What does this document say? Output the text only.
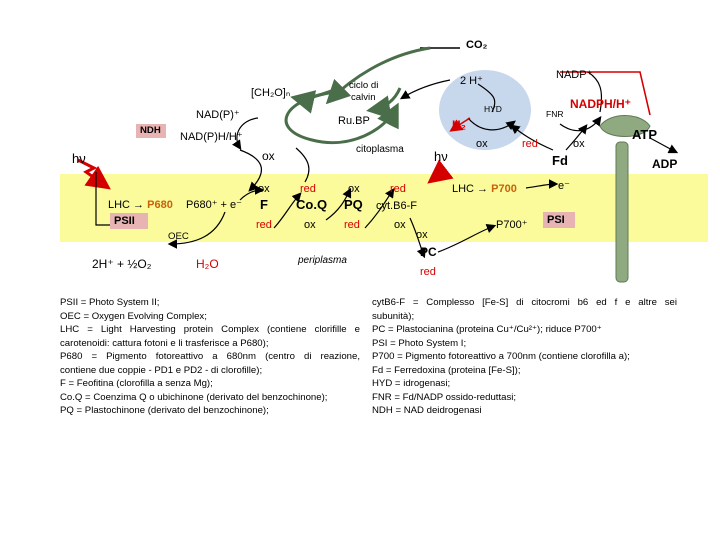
CO₂
[CH₂O]ₙ
ciclo di
calvin
Ru.BP
NAD(P)⁺
NAD(P)H/H⁺
NDH
hν	hν
ox	citoplasma
2 H⁺	NADP⁺
HYD
H₂
ox	red
FNR
NADPH/H⁺
ox
Fd
ATP
ADP
LHC → P680 P680⁺ + e⁻
PSII
OEC
2H⁺ + ½O₂	H₂O
ox
F
red
red
Co.Q
ox
ox
PQ
red
red
cyt.B6-F
ox
periplasma
ox
PC
red
LHC → P700	e⁻
P700⁺	PSI
PSII = Photo System II;
OEC = Oxygen Evolving Complex;
LHC = Light Harvesting protein Complex (contiene clorifille e
carotenoidi: cattura fotoni e li trasferisce a P680);
P680 = Pigmento fotoreattivo a 680nm (centro di reazione,
contiene due coppie - PD1 e PD2 - di clorofille);
F = Feofitina (clorofilla a senza Mg);
Co.Q = Coenzima Q o ubichinone (derivato del benzochinone);
PQ = Plastochinone (derivato del benzochinone);
cytB6-F = Complesso [Fe-S] di citocromi b6 ed f e altre sei
subunità);
PC = Plastocianina (proteina Cu⁺/Cu²⁺); riduce P700⁺
PSI = Photo System I;
P700 = Pigmento fotoreattivo a 700nm (contiene clorofilla a);
Fd = Ferredoxina (proteina [Fe-S]);
HYD = idrogenasi;
FNR = Fd/NADP ossido-reduttasi;
NDH = NAD deidrogenasi
